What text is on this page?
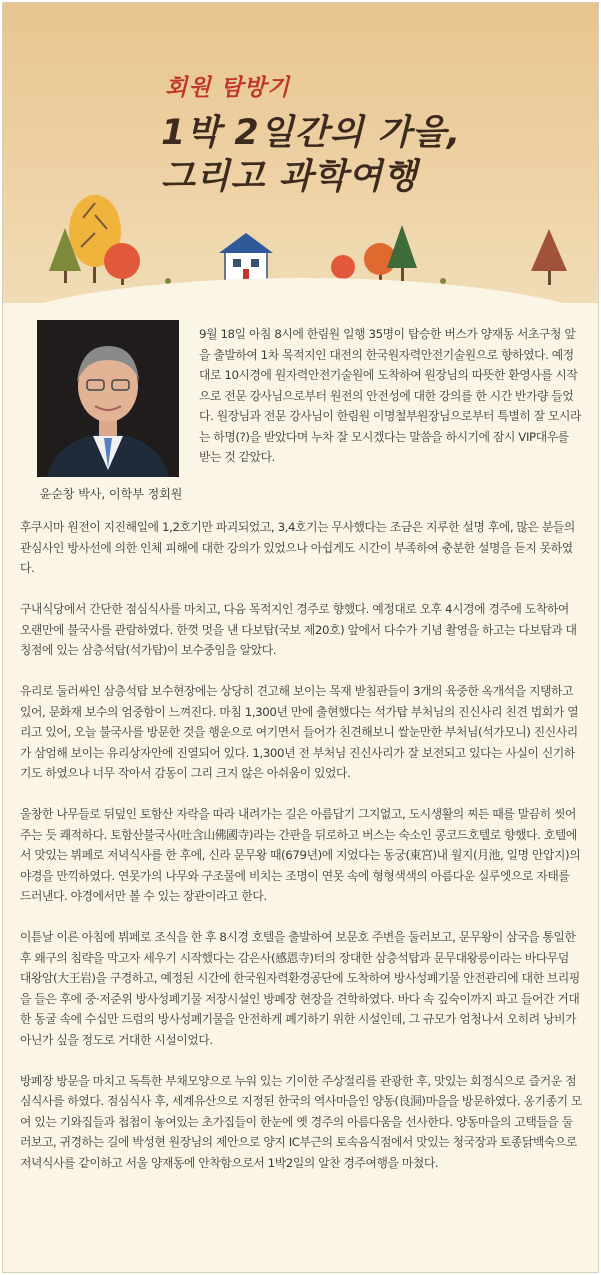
회원 탐방기
1박 2일간의 가을,
그리고 과학여행
윤순창 박사, 이학부 정회원

9월 18일 아침 8시에 한림원 일행 35명이 탑승한 버스가 양재동 서초구청 앞을 출발하여 1차 목적지인 대전의 한국원자력안전기술원으로 향하였다. 예정대로 10시경에 원자력안전기술원에 도착하여 원장님의 따뜻한 환영사를 시작으로 전문 강사님으로부터 원전의 안전성에 대한 강의를 한 시간 반가량 들었다. 원장님과 전문 강사님이 한림원 이명철부원장님으로부터 특별히 잘 모시라는 하명(?)을 받았다며 누차 잘 모시겠다는 말씀을 하시기에 잠시 VIP대우를 받는 것 같았다.

후쿠시마 원전이 지진해일에 1,2호기만 파괴되었고, 3,4호기는 무사했다는 조금은 지루한 설명 후에, 많은 분들의 관심사인 방사선에 의한 인체 피해에 대한 강의가 있었으나 아쉽게도 시간이 부족하여 충분한 설명을 듣지 못하였다.

구내식당에서 간단한 점심식사를 마치고, 다음 목적지인 경주로 향했다. 예정대로 오후 4시경에 경주에 도착하여 오랜만에 불국사를 관람하였다. 한껏 멋을 낸 다보탑(국보 제20호) 앞에서 다수가 기념 촬영을 하고는 다보탑과 대칭점에 있는 삼층석탑(석가탑)이 보수중임을 알았다.

유리로 둘러싸인 삼층석탑 보수현장에는 상당히 견고해 보이는 목재 받침판들이 3개의 육중한 옥개석을 지탱하고 있어, 문화재 보수의 엄중함이 느껴진다. 마침 1,300년 만에 출현했다는 석가탑 부처님의 진신사리 친견 법회가 열리고 있어, 오늘 불국사를 방문한 것을 행운으로 여기면서 들어가 친견해보니 쌀눈만한 부처님(석가모니) 진신사리가 삼엄해 보이는 유리상자안에 진열되어 있다. 1,300년 전 부처님 진신사리가 잘 보전되고 있다는 사실이 신기하기도 하였으나 너무 작아서 감동이 그리 크지 않은 아쉬움이 있었다.

울창한 나무들로 뒤덮인 토함산 자락을 따라 내려가는 길은 아름답기 그지없고, 도시생활의 찌든 때를 말끔히 씻어주는 듯 쾌적하다. 토함산불국사(吐含山佛國寺)라는 간판을 뒤로하고 버스는 숙소인 콩코드호텔로 향했다. 호텔에서 맛있는 뷔페로 저녁식사를 한 후에, 신라 문무왕 때(679년)에 지었다는 동궁(東宮)내 월지(月池, 일명 안압지)의 야경을 만끽하였다. 연못가의 나무와 구조물에 비치는 조명이 연못 속에 형형색색의 아름다운 실루엣으로 자태를 드러낸다. 야경에서만 볼 수 있는 장관이라고 한다.

이튿날 이른 아침에 뷔페로 조식을 한 후 8시경 호텔을 출발하여 보문호 주변을 둘러보고, 문무왕이 삼국을 통일한 후 왜구의 침략을 막고자 세우기 시작했다는 감은사(感恩寺)터의 장대한 삼층석탑과 문무대왕릉이라는 바다무덤 대왕암(大王岩)을 구경하고, 예정된 시간에 한국원자력환경공단에 도착하여 방사성폐기물 안전관리에 대한 브리핑을 들은 후에 중·저준위 방사성폐기물 저장시설인 방폐장 현장을 견학하였다. 바다 속 깊숙이까지 파고 들어간 거대한 동굴 속에 수십만 드럼의 방사성폐기물을 안전하게 폐기하기 위한 시설인데, 그 규모가 엄청나서 오히려 낭비가 아닌가 싶을 정도로 거대한 시설이었다.

방폐장 방문을 마치고 독특한 부채모양으로 누워 있는 기이한 주상절리를 관광한 후, 맛있는 회정식으로 즐거운 점심식사를 하였다. 점심식사 후, 세계유산으로 지정된 한국의 역사마을인 양동(良洞)마을을 방문하였다. 옹기종기 모여 있는 기와집들과 첩첩이 놓여있는 초가집들이 한눈에 옛 경주의 아름다움을 선사한다. 양동마을의 고택들을 둘러보고, 귀경하는 길에 박성현 원장님의 제안으로 양지 IC부근의 토속음식점에서 맛있는 청국장과 토종닭백숙으로 저녁식사를 같이하고 서울 양재동에 안착함으로서 1박2일의 알찬 경주여행을 마쳤다.
